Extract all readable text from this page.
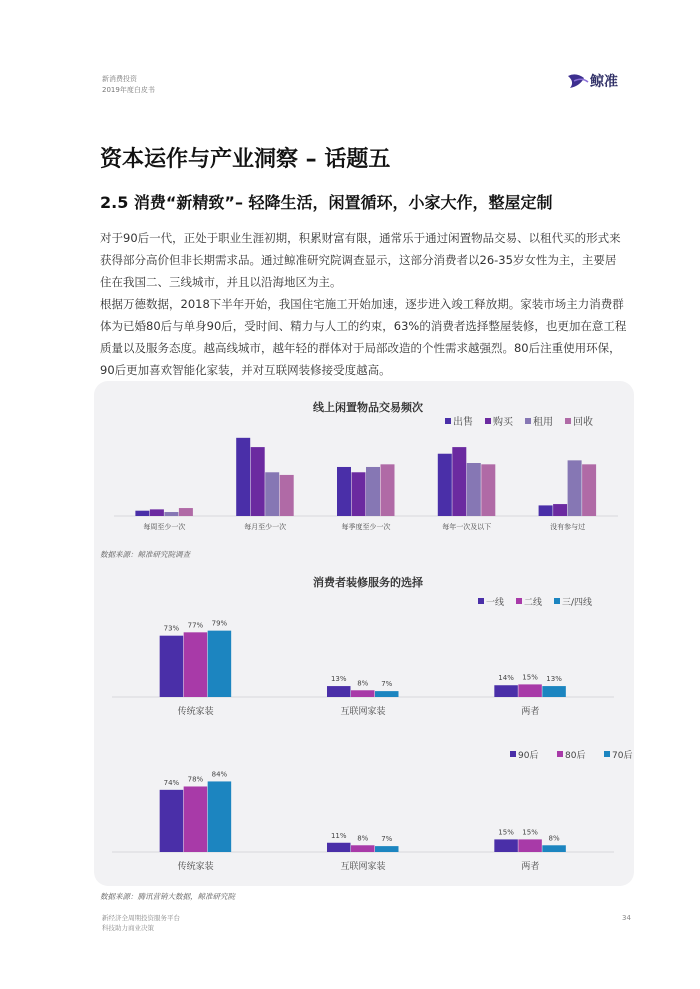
新消费投资
2019年度白皮书	鲸准
资本运作与产业洞察 – 话题五
2.5 消费“新精致”– 轻降生活，闲置循环，小家大作，整屋定制
对于90后一代，正处于职业生涯初期，积累财富有限，通常乐于通过闲置物品交易、以租代买的形式来
获得部分高价但非长期需求品。通过鲸准研究院调查显示，这部分消费者以26-35岁女性为主，主要居
住在我国二、三线城市，并且以沿海地区为主。
根据万德数据，2018下半年开始，我国住宅施工开始加速，逐步进入竣工释放期。家装市场主力消费群
体为已婚80后与单身90后，受时间、精力与人工的约束，63%的消费者选择整屋装修，也更加在意工程
质量以及服务态度。越高线城市，越年轻的群体对于局部改造的个性需求越强烈。80后注重使用环保，
90后更加喜欢智能化家装，并对互联网装修接受度越高。
线上闲置物品交易频次
出售 购买 租用 回收
每周至少一次	每月至少一次	每季度至少一次	每年一次及以下	没有参与过
数据来源：鲸准研究院调查
消费者装修服务的选择
一线 二线 三/四线
73% 77% 79%
传统家装
13%
8% 7%
互联网家装
14% 15% 13%
两者
90后	80后	70后
74% 78%
84%
传统家装
11% 8% 7%
互联网家装
15% 15%
8%
两者
数据来源：腾讯营销大数据，鲸准研究院
新经济全周期投资服务平台
科技助力商业决策
34
